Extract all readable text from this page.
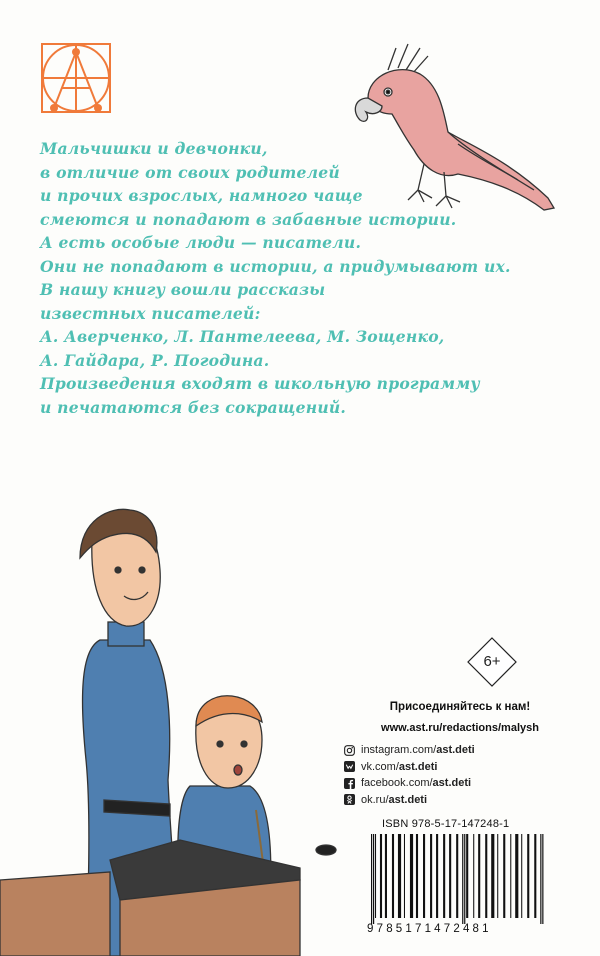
Мальчишки и девчонки,
в отличие от своих родителей
и прочих взрослых, намного чаще
смеются и попадают в забавные истории.
А есть особые люди — писатели.
Они не попадают в истории, а придумывают их.
В нашу книгу вошли рассказы
известных писателей:
А. Аверченко, Л. Пантелеева, М. Зощенко,
А. Гайдара, Р. Погодина.
Произведения входят в школьную программу
и печатаются без сокращений.

6+
Присоединяйтесь к нам!
www.ast.ru/redactions/malysh
instagram.com/ ast.deti
vk.com/ ast.deti
facebook.com/ ast.deti
ok.ru/ ast.deti
ISBN 978-5-17-147248-1
9785171472481
